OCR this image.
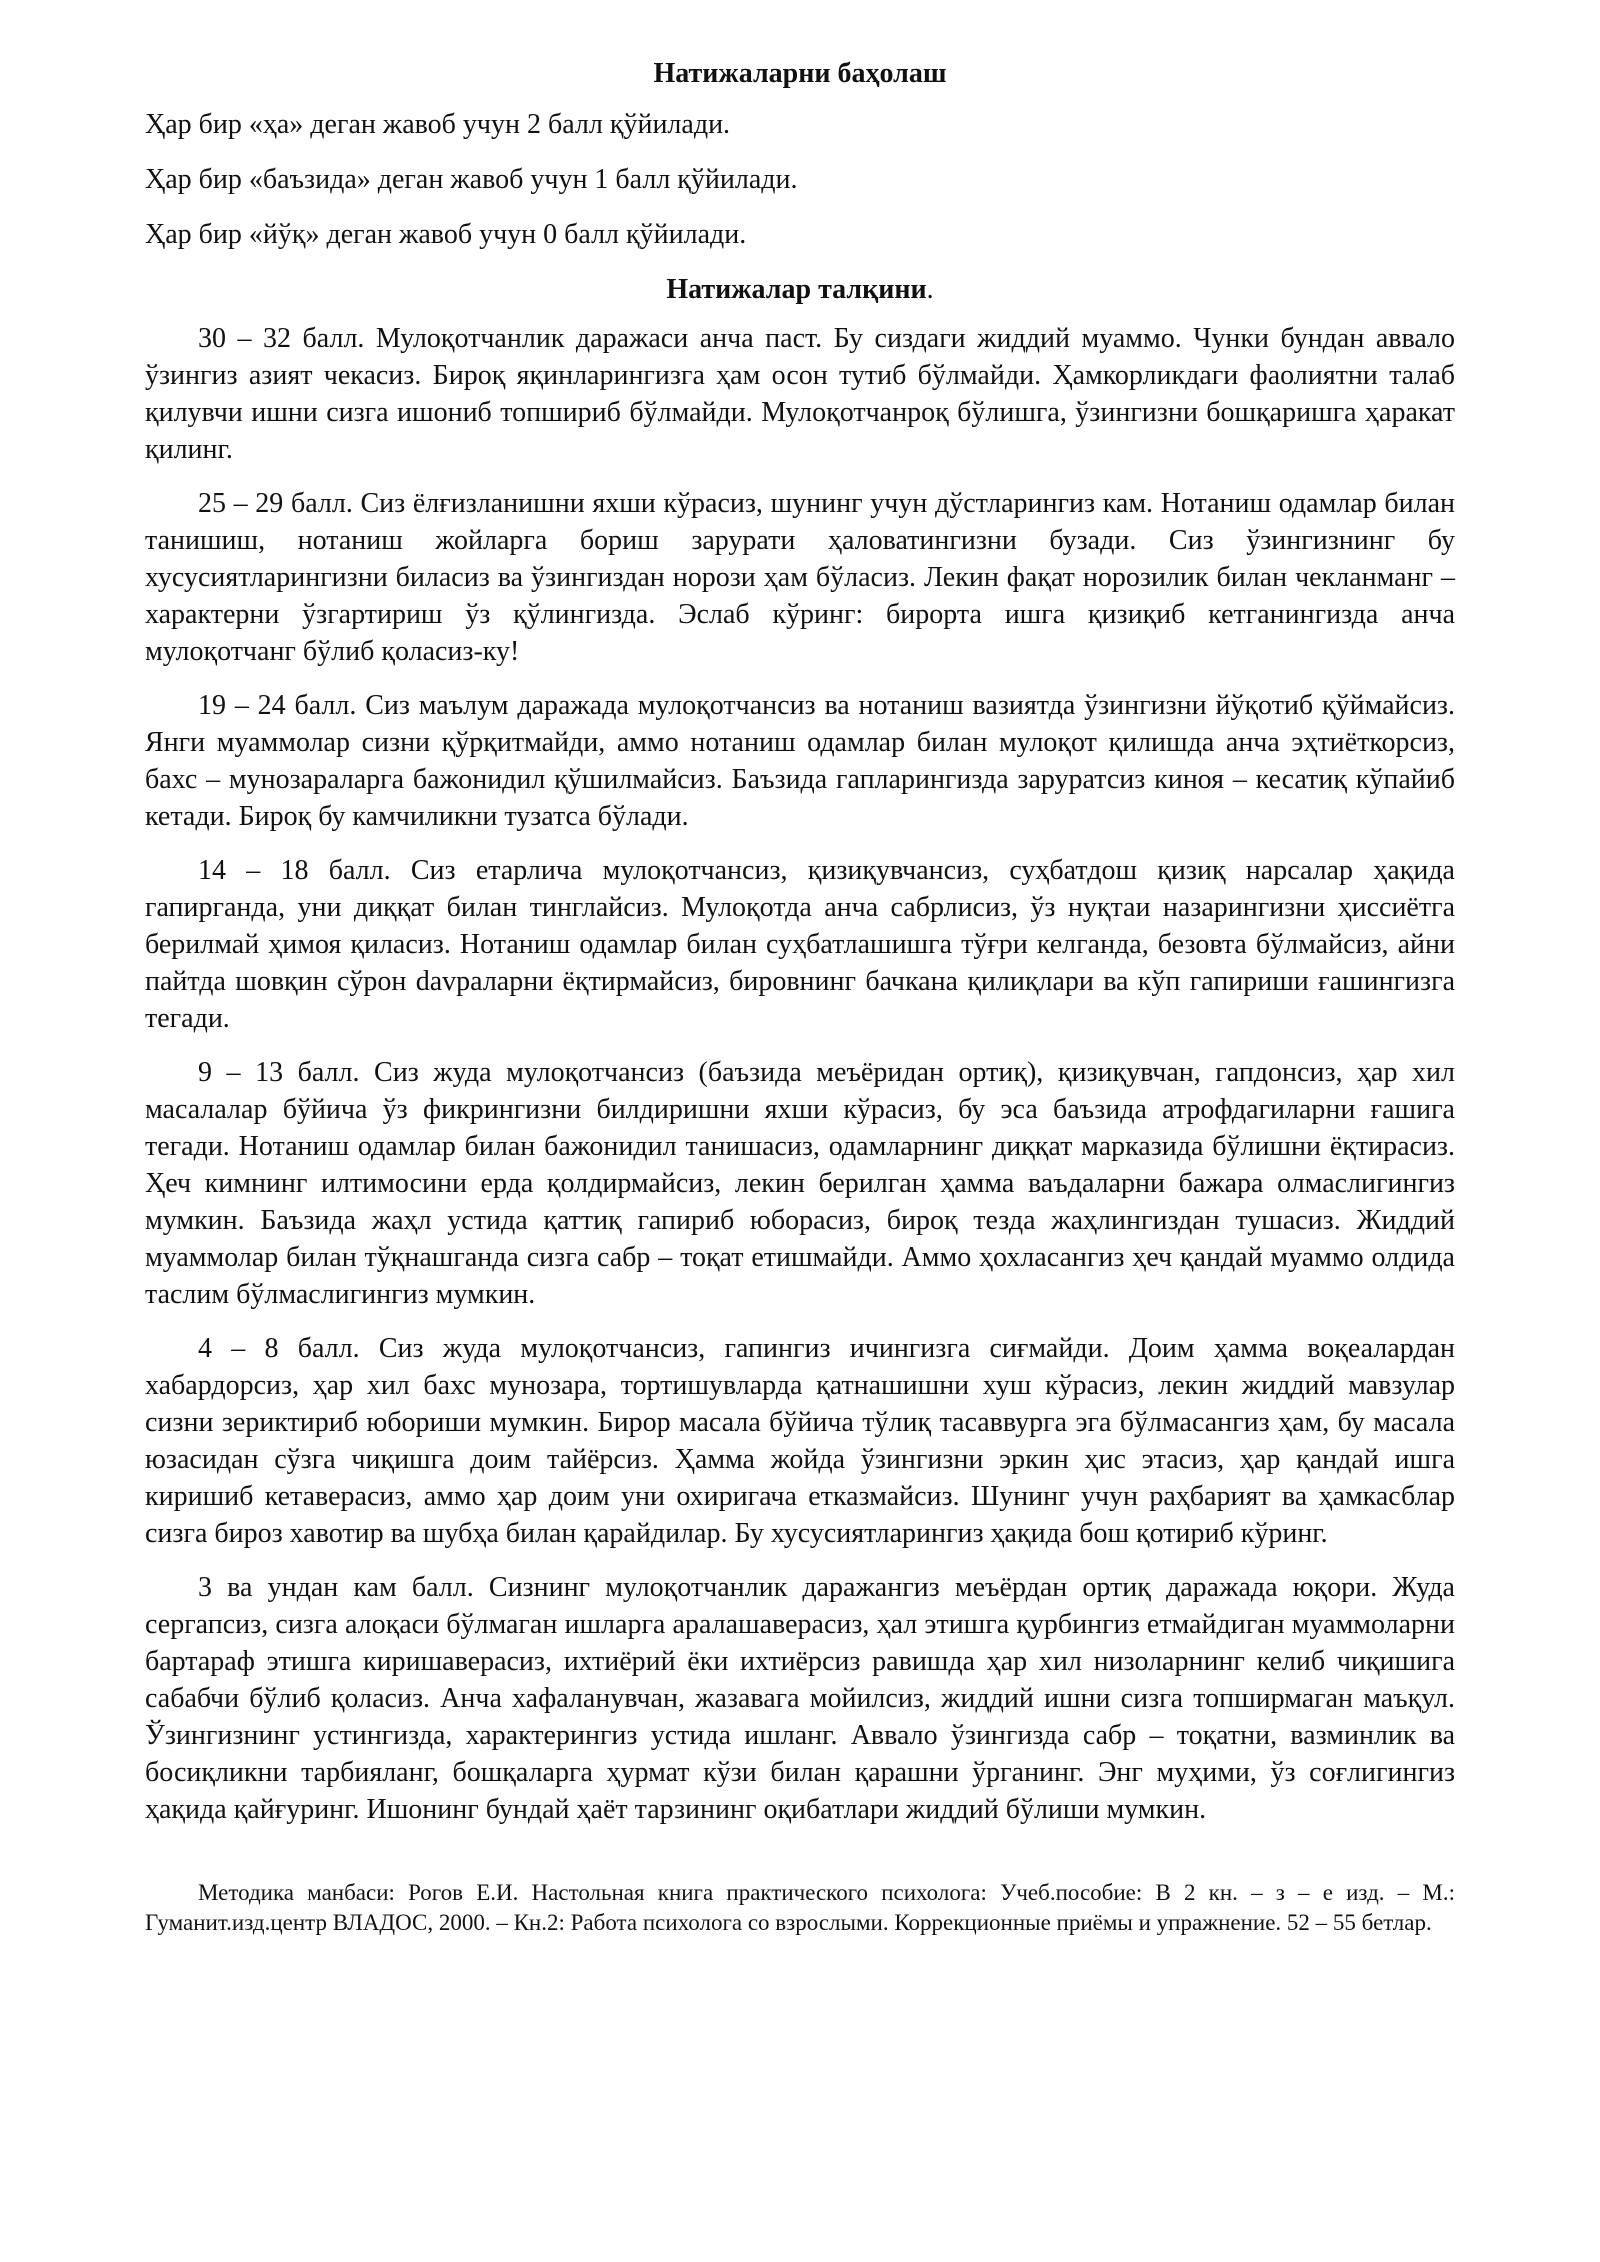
Натижаларни баҳолаш

Ҳар бир «ҳа» деган жавоб учун 2 балл қўйилади.

Ҳар бир «баъзида» деган жавоб учун 1 балл қўйилади.

Ҳар бир «йўқ» деган жавоб учун 0 балл қўйилади.

Натижалар талқини.

30 – 32 балл. Мулоқотчанлик даражаси анча паст. Бу сиздаги жиддий муаммо. Чунки бундан аввало ўзингиз азият чекасиз. Бироқ яқинларингизга ҳам осон тутиб бўлмайди. Ҳамкорликдаги фаолиятни талаб қилувчи ишни сизга ишониб топшириб бўлмайди. Мулоқотчанроқ бўлишга, ўзингизни бошқаришга ҳаракат қилинг.

25 – 29 балл. Сиз ёлғизланишни яхши кўрасиз, шунинг учун дўстларингиз кам. Нотаниш одамлар билан танишиш, нотаниш жойларга бориш зарурати ҳаловатингизни бузади. Сиз ўзингизнинг бу хусусиятларингизни биласиз ва ўзингиздан норози ҳам бўласиз. Лекин фақат норозилик билан чекланманг – характерни ўзгартириш ўз қўлингизда. Эслаб кўринг: бирорта ишга қизиқиб кетганингизда анча мулоқотчанг бўлиб қоласиз-ку!

19 – 24 балл. Сиз маълум даражада мулоқотчансиз ва нотаниш вазиятда ўзингизни йўқотиб қўймайсиз. Янги муаммолар сизни қўрқитмайди, аммо нотаниш одамлар билан мулоқот қилишда анча эҳтиёткорсиз, бахс – мунозараларга бажонидил қўшилмайсиз. Баъзида гапларингизда заруратсиз киноя – кесатиқ кўпайиб кетади. Бироқ бу камчиликни тузатса бўлади.

14 – 18 балл. Сиз етарлича мулоқотчансиз, қизиқувчансиз, суҳбатдош қизиқ нарсалар ҳақида гапирганда, уни диққат билан тинглайсиз. Мулоқотда анча сабрлисиз, ўз нуқтаи назарингизни ҳиссиётга берилмай ҳимоя қиласиз. Нотаниш одамлар билан суҳбатлашишга тўғри келганда, безовта бўлмайсиз, айни пайтда шовқин сўрон davраларни ёқтирмайсиз, бировнинг бачкана қилиқлари ва кўп гапириши ғашингизга тегади.

9 – 13 балл. Сиз жуда мулоқотчансиз (баъзида меъёридан ортиқ), қизиқувчан, гапдонсиз, ҳар хил масалалар бўйича ўз фикрингизни билдиришни яхши кўрасиз, бу эса баъзида атрофдагиларни ғашига тегади. Нотаниш одамлар билан бажонидил танишасиз, одамларнинг диққат марказида бўлишни ёқтирасиз. Ҳеч кимнинг илтимосини ерда қолдирмайсиз, лекин берилган ҳамма ваъдаларни бажара олмаслигингиз мумкин. Баъзида жаҳл устида қаттиқ гапириб юборасиз, бироқ тезда жаҳлингиздан тушасиз. Жиддий муаммолар билан тўқнашганда сизга сабр – тоқат етишмайди. Аммо ҳохласангиз ҳеч қандай муаммо олдида таслим бўлмаслигингиз мумкин.

4 – 8 балл. Сиз жуда мулоқотчансиз, гапингиз ичингизга сиғмайди. Доим ҳамма воқеалардан хабардорсиз, ҳар хил бахс мунозара, тортишувларда қатнашишни хуш кўрасиз, лекин жиддий мавзулар сизни зериктириб юбориши мумкин. Бирор масала бўйича тўлиқ тасаввурга эга бўлмасангиз ҳам, бу масала юзасидан сўзга чиқишга доим тайёрсиз. Ҳамма жойда ўзингизни эркин ҳис этасиз, ҳар қандай ишга киришиб кетаверасиз, аммо ҳар доим уни охиригача етказмайсиз. Шунинг учун раҳбарият ва ҳамкасблар сизга бироз хавотир ва шубҳа билан қарайдилар. Бу хусусиятларингиз ҳақида бош қотириб кўринг.

3 ва ундан кам балл. Сизнинг мулоқотчанлик даражангиз меъёрдан ортиқ даражада юқори. Жуда сергапсиз, сизга алоқаси бўлмаган ишларга аралашаверасиз, ҳал этишга қурбингиз етмайдиган муаммоларни бартараф этишга киришаверасиз, ихтиёрий ёки ихтиёрсиз равишда ҳар хил низоларнинг келиб чиқишига сабабчи бўлиб қоласиз. Анча хафаланувчан, жазавага мойилсиз, жиддий ишни сизга топширмаган маъқул. Ўзингизнинг устингизда, характерингиз устида ишланг. Аввало ўзингизда сабр – тоқатни, вазминлик ва босиқликни тарбияланг, бошқаларга ҳурмат кўзи билан қарашни ўрганинг. Энг муҳими, ўз соғлигингиз ҳақида қайғуринг. Ишонинг бундай ҳаёт тарзининг оқибатлари жиддий бўлиши мумкин.

Методика манбаси: Рогов Е.И. Настольная книга практического психолога: Учеб.пособие: В 2 кн. – з – е изд. – М.: Гуманит.изд.центр ВЛАДОС, 2000. – Кн.2: Работа психолога со взрослыми. Коррекционные приёмы и упражнение. 52 – 55 бетлар.
